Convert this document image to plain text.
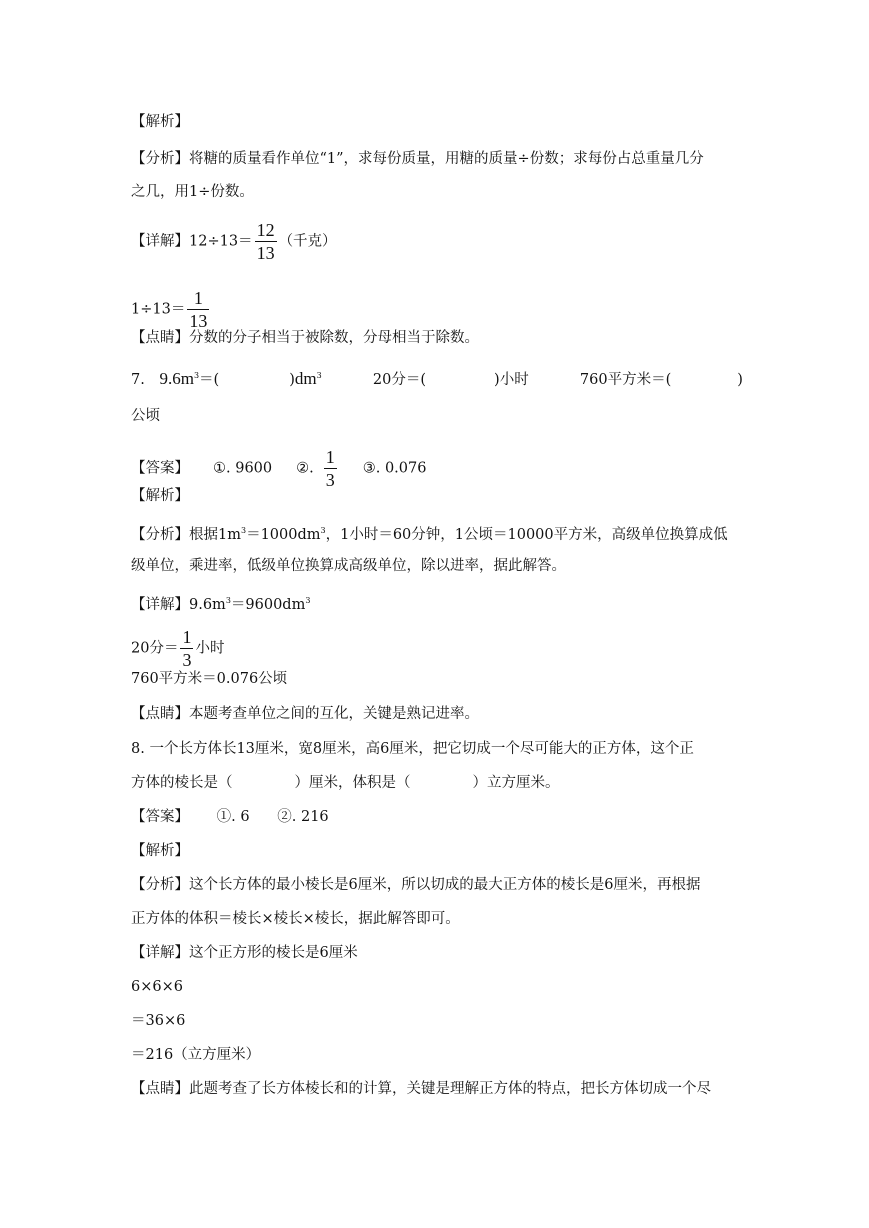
【解析】
【分析】将糖的质量看作单位“1”，求每份质量，用糖的质量÷份数；求每份占总重量几分
之几，用1÷份数。
【详解】$12\div 13= \frac{12}{13}$ （千克）
$1\div 13= \frac{1}{13}$
【点睛】分数的分子相当于被除数，分母相当于除数。
7. $9.6m^3=$(	)$dm^3$	20分＝(	)小时	760平方米＝(	)
公顷
【答案】 ①. 9600 ②. $\frac{1}{3}$ ③. 0.076
【解析】
【分析】根据$1m^3=1000dm^3$，1小时＝60分钟，1公顷＝10000平方米，高级单位换算成低
级单位，乘进率，低级单位换算成高级单位，除以进率，据此解答。
【详解】$9.6m^3=9600dm^3$
20分＝ $\frac{1}{3}$ 小时
760平方米＝0.076公顷
【点睛】本题考查单位之间的互化，关键是熟记进率。
8. 一个长方体长13厘米，宽8厘米，高6厘米，把它切成一个尽可能大的正方体，这个正
方体的棱长是（	）厘米，体积是（	）立方厘米。
【答案】      ①. 6      ②. 216
【解析】
【分析】这个长方体的最小棱长是6厘米，所以切成的最大正方体的棱长是6厘米，再根据
正方体的体积＝棱长×棱长×棱长，据此解答即可。
【详解】这个正方形的棱长是6厘米
6×6×6
＝36×6
＝216（立方厘米）
【点睛】此题考查了长方体棱长和的计算，关键是理解正方体的特点，把长方体切成一个尽
